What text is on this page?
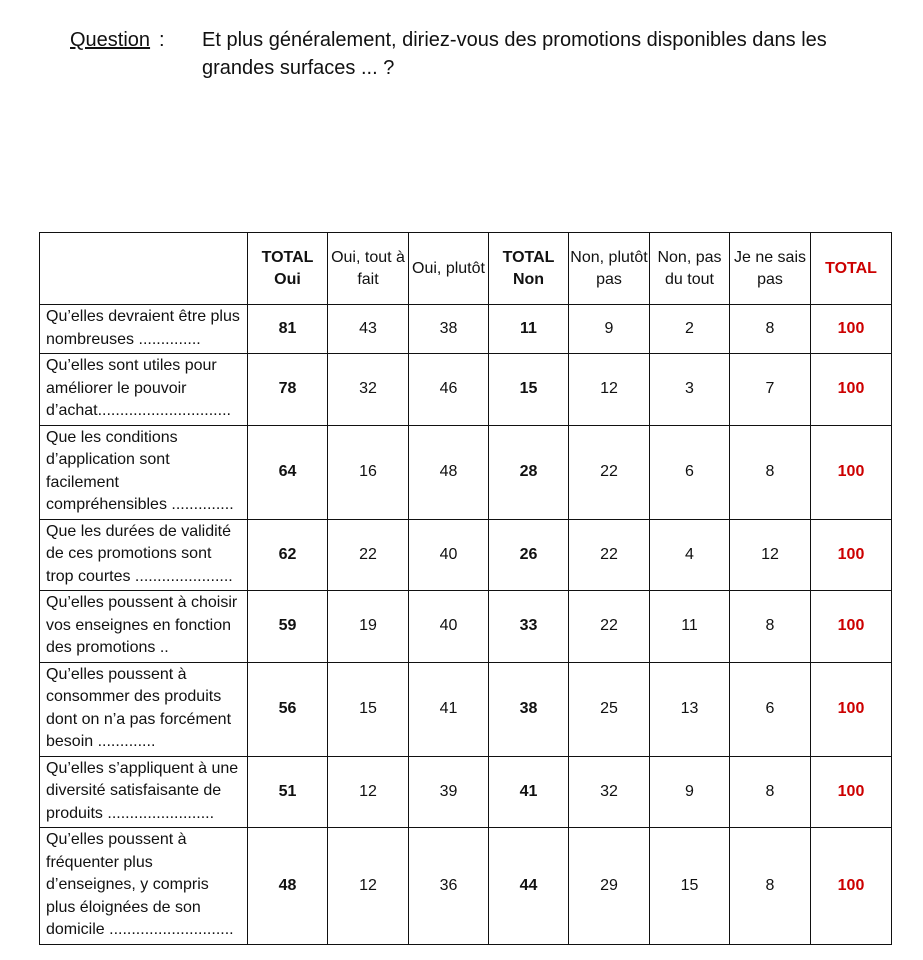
Question : Et plus généralement, diriez-vous des promotions disponibles dans les grandes surfaces ... ?
	TOTAL Oui	Oui, tout à fait	Oui, plutôt	TOTAL Non	Non, plutôt pas	Non, pas du tout	Je ne sais pas	TOTAL
Qu’elles devraient être plus nombreuses ..............	81	43	38	11	9	2	8	100
Qu’elles sont utiles pour améliorer le pouvoir d’achat..............................	78	32	46	15	12	3	7	100
Que les conditions d’application sont facilement compréhensibles ..............	64	16	48	28	22	6	8	100
Que les durées de validité de ces promotions sont trop courtes ......................	62	22	40	26	22	4	12	100
Qu’elles poussent à choisir vos enseignes en fonction des promotions ..	59	19	40	33	22	11	8	100
Qu’elles poussent à consommer des produits dont on n’a pas forcément besoin .............	56	15	41	38	25	13	6	100
Qu’elles s’appliquent à une diversité satisfaisante de produits ........................	51	12	39	41	32	9	8	100
Qu’elles poussent à fréquenter plus d’enseignes, y compris plus éloignées de son domicile ............................	48	12	36	44	29	15	8	100
